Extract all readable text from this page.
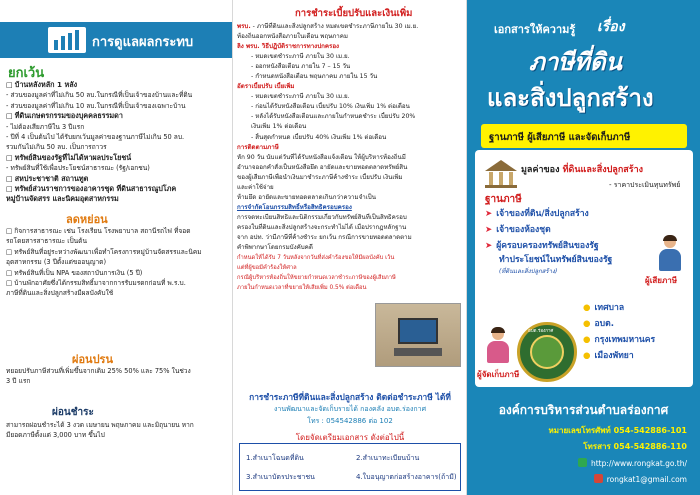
การดูแลผลกระทบ
ยกเว้น
□ บ้านหลังหลัก 1 หลัง
- ส่วนของมูลค่าที่ไม่เกิน 50 ลบ.ในกรณีที่เป็นเจ้าของบ้านและที่ดิน
- ส่วนของมูลค่าที่ไม่เกิน 10 ลบ.ในกรณีที่เป็นเจ้าของเฉพาะบ้าน
□ ที่ดินเกษตรกรรมของบุคคลธรรมดา
- ไม่ต้องเสียภาษีใน 3 ปีแรก
- ปีที่ 4 เป็นต้นไป ได้รับยกเว้นมูลค่าของฐานภาษีไม่เกิน 50 ลบ.
รวมกันไม่เกิน 50 ลบ. เป็นการถาวร
□ ทรัพย์สินของรัฐที่ไม่ได้หาผลประโยชน์
- ทรัพย์สินที่ใช้เพื่อประโยชน์สาธารณะ (รัฐ/เอกชน)
□ สหประชาชาติ สถานทูต
□ ทรัพย์ส่วนราชการของอาคารชุด ที่ดินสาธารณูปโภค
หมู่บ้านจัดสรร และนิคมอุตสาหกรรม
ลดหย่อน
□ กิจการสาธารณะ เช่น โรงเรียน โรงพยาบาล สถานีรถไฟ ที่จอด
รถโดยสารสาธารณะ เป็นต้น
□ ทรัพย์สินที่อยู่ระหว่างพัฒนาเพื่อทำโครงการหมู่บ้านจัดสรรและนิคม
อุตสาหกรรม (3 ปีตั้งแต่ขออนุญาต)
□ ทรัพย์สินที่เป็น NPA ของสถาบันการเงิน (5 ปี)
□ บ้านพักอาศัยซึ่งได้กรรมสิทธิ์มาจากการรับมรดกก่อนที่ พ.ร.บ.
ภาษีที่ดินและสิ่งปลูกสร้างมีผลบังคับใช้
ผ่อนปรน
ทยอยปรับภาษีส่วนที่เพิ่มขึ้นจากเดิม 25% 50% และ 75% ในช่วง
3 ปี แรก
ผ่อนชำระ
สามารถผ่อนชำระได้ 3 งวด เมษายน พฤษภาคม และมิถุนายน หาก
มียอดภาษีตั้งแต่ 3,000 บาท ขึ้นไป
การชำระเบี้ยปรับและเงินเพิ่ม
พรบ. - ภาษีที่ดินและสิ่งปลูกสร้าง หมดเขตชำระภาษีภายใน 30 เม.ย.
ท้องถิ่นออกหนังสือภายในเดือน พฤษภาคม
ลิง พรบ. วิธีปฏิบัติราชการทางปกครอง
- หมดเขตชำระภาษี ภายใน 30 เม.ย.
- ออกหนังสือเตือน ภายใน 7 – 15 วัน
- กำหนดหนังสือเตือน พฤษภาคม ภายใน 15 วัน
อัตราเบี้ยปรับ เบี้ยเพิ่ม
- หมดเขตชำระภาษี ภายใน 30 เม.ย.
- ก่อนได้รับหนังสือเตือน เบี้ยปรับ 10% เงินเพิ่ม 1% ต่อเดือน
- หลังได้รับหนังสือเตือนและภายในกำหนดชำระ เบี้ยปรับ 20%
เงินเพิ่ม 1% ต่อเดือน
- สิ้นสุดกำหนด เบี้ยปรับ 40% เงินเพิ่ม 1% ต่อเดือน
การติดตามภาษี
หัก 90 วัน นับแต่วันที่ได้รับหนังสือแจ้งเตือน ให้ผู้บริหารท้องถิ่นมี
อำนาจออกคำสั่งเป็นหนังสือยึด อายัดและขายทอดตลาดทรัพย์สิน
ของผู้เสียภาษีเพื่อนำเงินมาชำระภาษีค้างชำระ เบี้ยปรับ เงินเพิ่ม
และค่าใช้จ่าย
ห้ามยึด อายัดและขายทอดตลาดเกินกว่าความจำเป็น
การจำกัดโอนกรรมสิทธิ์หรือสิทธิครอบครอง
การจดทะเบียนสิทธิและนิติกรรมเกี่ยวกับทรัพย์สินที่เป็นสิทธิครอบ
ครองในที่ดินและสิ่งปลูกสร้างจะกระทำไม่ได้ เมื่อปรากฏหลักฐาน
จาก อปท. ว่ามีภาษีที่ค้างชำระ ยกเว้น กรณีการขายทอดตลาดตาม
คำพิพากษาโดยกรมบังคับคดี
กำหนดให้ได้รับ 7 วันหลังจากวันที่ส่งคำร้องขอให้มีผลบังคับ เว้น
แต่ที่ผู้ขอมีคำร้องให้ศาล
กรณีผู้บริหารท้องถิ่นให้ขยายกำหนดเวลาชำระภาษีของผู้เสียภาษี
ภายในกำหนดเวลาที่ขยายให้เสียเพิ่ม 0.5% ต่อเดือน
การชำระภาษีที่ดินและสิ่งปลูกสร้าง ติดต่อชำระภาษี ได้ที่
งานพัฒนาและจัดเก็บรายได้ กองคลัง อบต.ร่องกาศ
โทร : 054542886 ต่อ 102
โดยจัดเตรียมเอกสาร ดังต่อไปนี้
1.สำเนาโฉนดที่ดิน	2.สำเนาทะเบียนบ้าน
3.สำเนาบัตรประชาชน	4.ใบอนุญาตก่อสร้างอาคาร(ถ้ามี)
เอกสารให้ความรู้ เรื่อง
ภาษีที่ดิน
และสิ่งปลูกสร้าง
ฐานภาษี ผู้เสียภาษี และจัดเก็บภาษี
มูลค่าของ ที่ดินและสิ่งปลูกสร้าง
- ราคาประเมินทุนทรัพย์
ฐานภาษี
➤ เจ้าของที่ดิน/สิ่งปลูกสร้าง
➤ เจ้าของห้องชุด
➤ ผู้ครอบครองทรัพย์สินของรัฐ
ทำประโยชน์ในทรัพย์สินของรัฐ
(ที่ดินและสิ่งปลูกสร้าง)
ผู้เสียภาษี
ผู้จัดเก็บภาษี
อบต.ร่องกาศ
● เทศบาล
● อบต.
● กรุงเทพมหานคร
● เมืองพัทยา
องค์การบริหารส่วนตำบลร่องกาศ
หมายเลขโทรศัพท์ 054-542886-101
โทรสาร 054-542886-110
http://www.rongkat.go.th/
rongkat1@gmail.com
